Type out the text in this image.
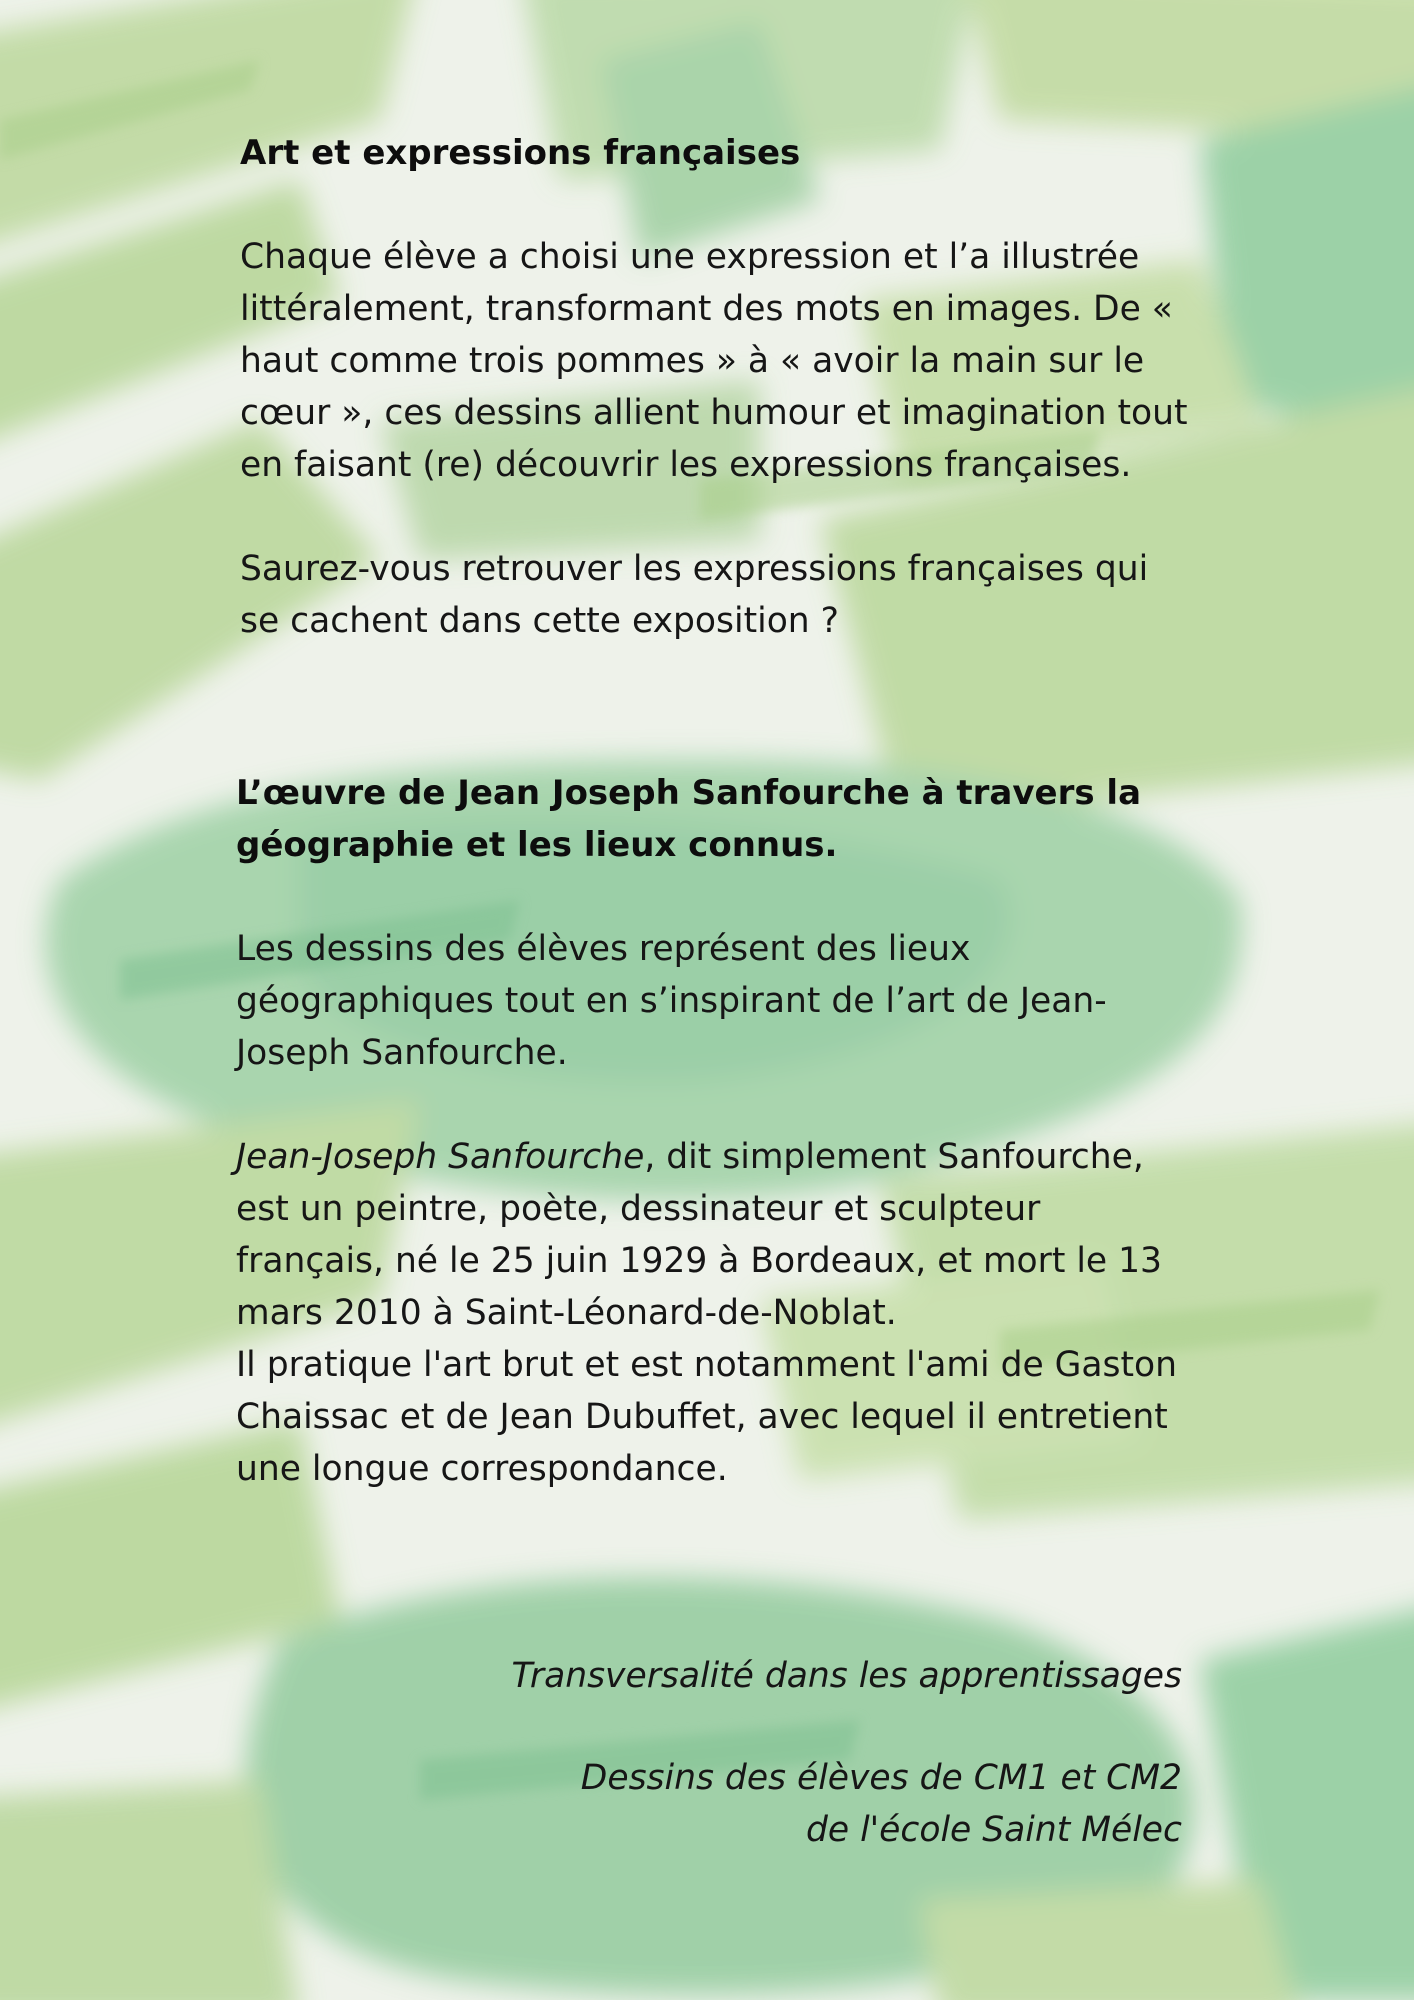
Art et expressions françaises

Chaque élève a choisi une expression et l’a illustrée littéralement, transformant des mots en images. De « haut comme trois pommes » à « avoir la main sur le cœur », ces dessins allient humour et imagination tout en faisant (re) découvrir les expressions françaises.

Saurez-vous retrouver les expressions françaises qui se cachent dans cette exposition ?

L’œuvre de Jean Joseph Sanfourche à travers la géographie et les lieux connus.

Les dessins des élèves représent des lieux géographiques tout en s’inspirant de l’art de Jean-Joseph Sanfourche.

Jean-Joseph Sanfourche, dit simplement Sanfourche, est un peintre, poète, dessinateur et sculpteur français, né le 25 juin 1929 à Bordeaux, et mort le 13 mars 2010 à Saint-Léonard-de-Noblat.

Il pratique l'art brut et est notamment l'ami de Gaston Chaissac et de Jean Dubuffet, avec lequel il entretient une longue correspondance.

Transversalité dans les apprentissages
Dessins des élèves de CM1 et CM2
de l'école Saint Mélec
